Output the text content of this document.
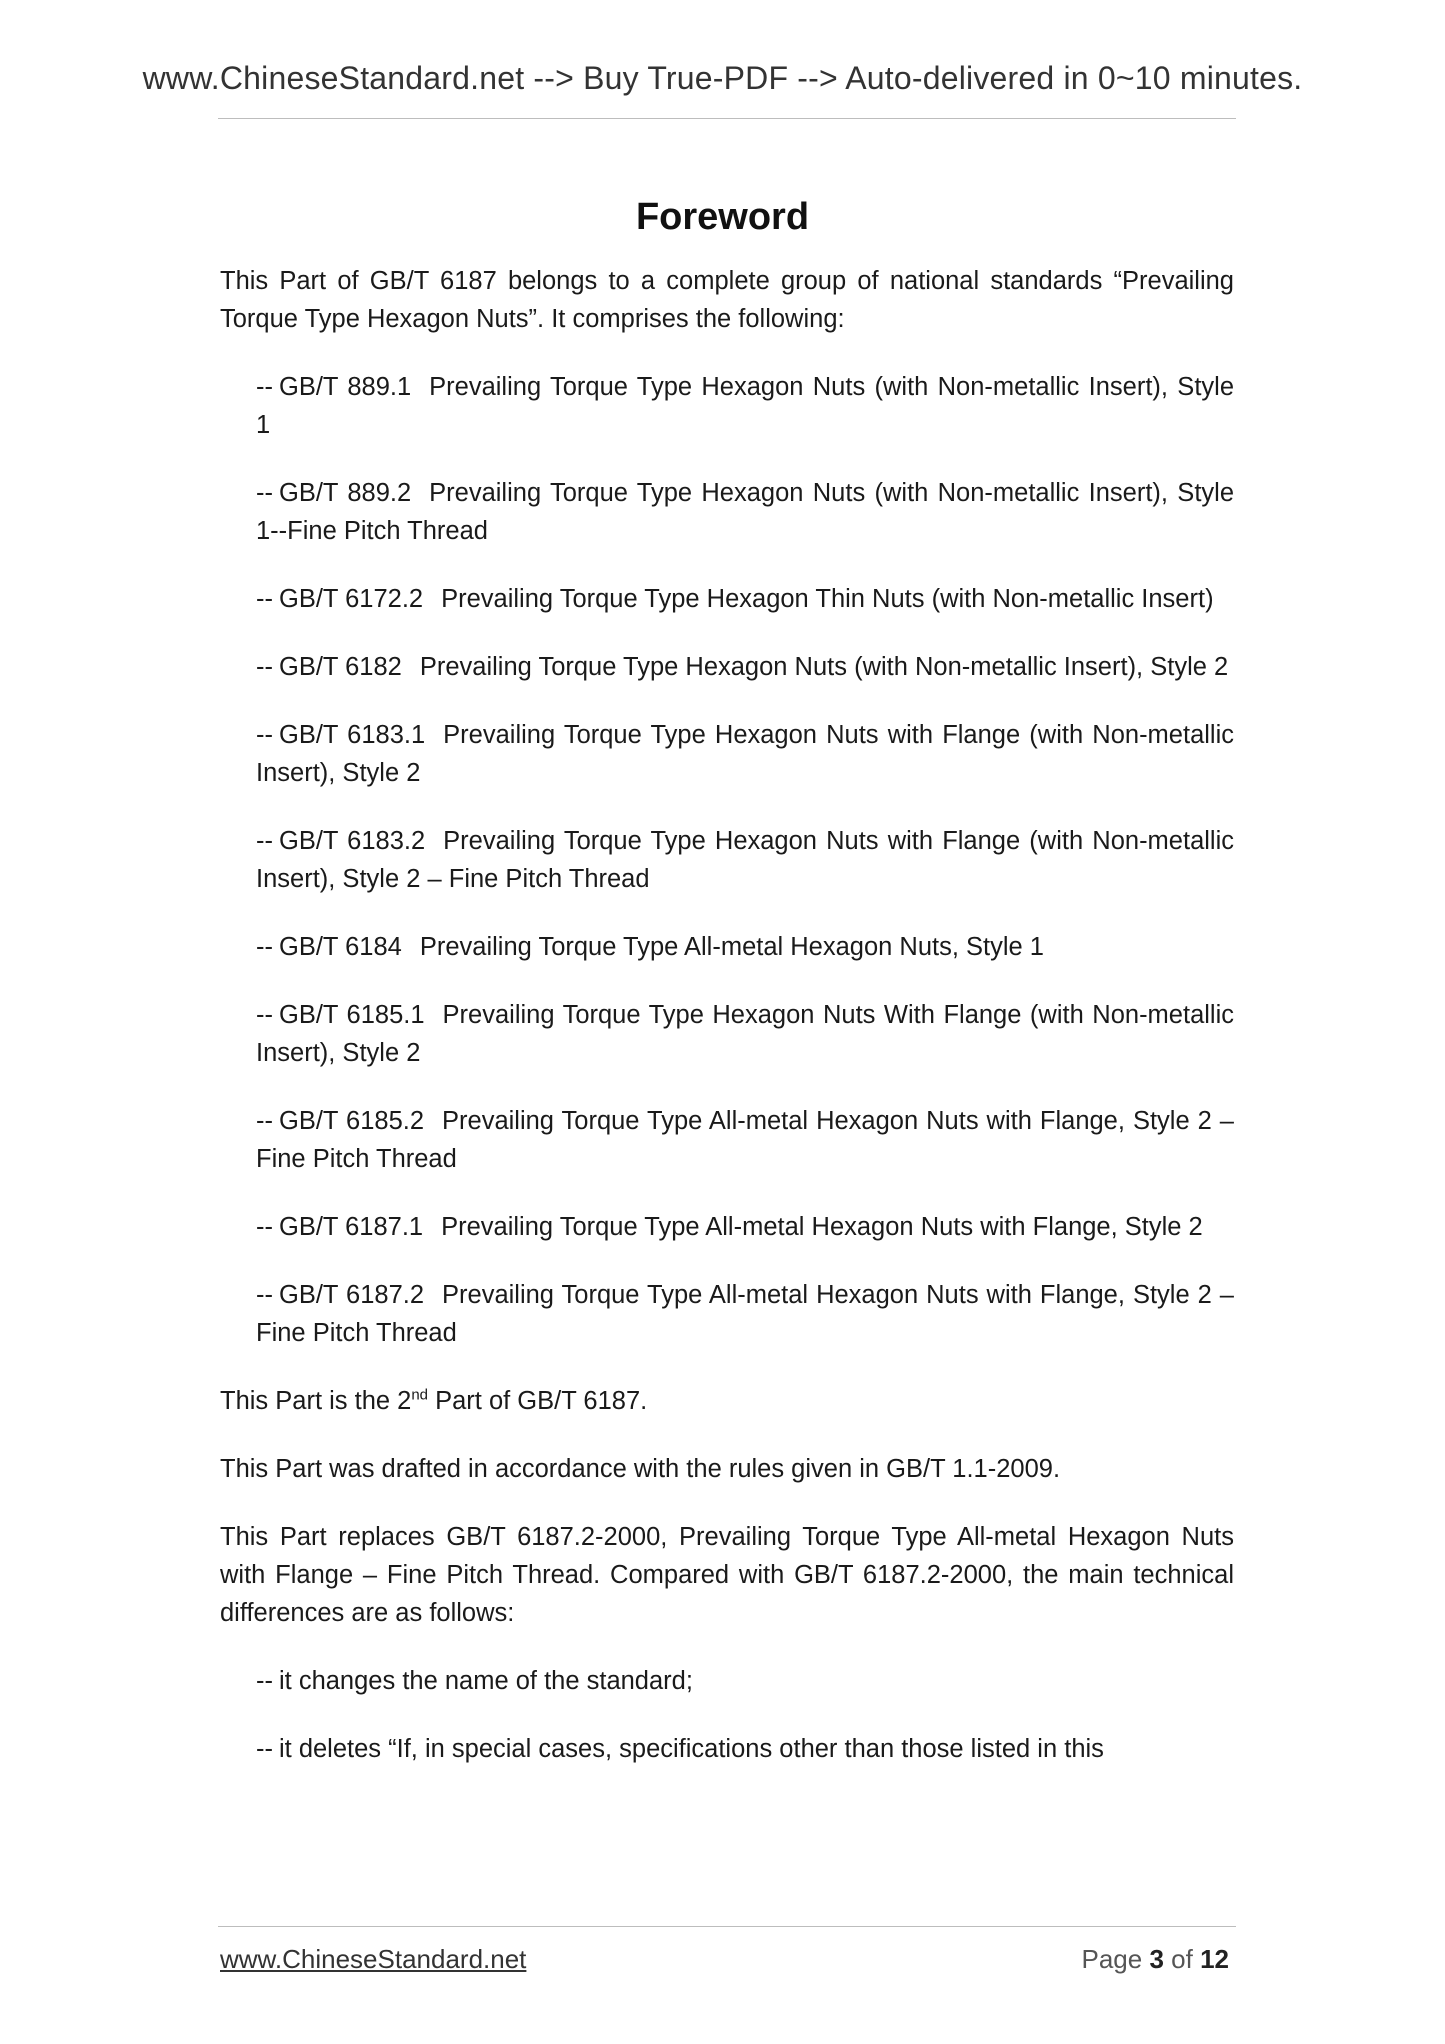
www.ChineseStandard.net --> Buy True-PDF --> Auto-delivered in 0~10 minutes.
Foreword

This Part of GB/T 6187 belongs to a complete group of national standards “Prevailing Torque Type Hexagon Nuts”. It comprises the following:

-- GB/T 889.1 Prevailing Torque Type Hexagon Nuts (with Non-metallic Insert), Style 1

-- GB/T 889.2 Prevailing Torque Type Hexagon Nuts (with Non-metallic Insert), Style 1--Fine Pitch Thread

-- GB/T 6172.2 Prevailing Torque Type Hexagon Thin Nuts (with Non-metallic Insert)

-- GB/T 6182 Prevailing Torque Type Hexagon Nuts (with Non-metallic Insert), Style 2

-- GB/T 6183.1 Prevailing Torque Type Hexagon Nuts with Flange (with Non-metallic Insert), Style 2

-- GB/T 6183.2 Prevailing Torque Type Hexagon Nuts with Flange (with Non-metallic Insert), Style 2 – Fine Pitch Thread

-- GB/T 6184 Prevailing Torque Type All-metal Hexagon Nuts, Style 1

-- GB/T 6185.1 Prevailing Torque Type Hexagon Nuts With Flange (with Non-metallic Insert), Style 2

-- GB/T 6185.2 Prevailing Torque Type All-metal Hexagon Nuts with Flange, Style 2 – Fine Pitch Thread

-- GB/T 6187.1 Prevailing Torque Type All-metal Hexagon Nuts with Flange, Style 2

-- GB/T 6187.2 Prevailing Torque Type All-metal Hexagon Nuts with Flange, Style 2 – Fine Pitch Thread

This Part is the 2nd Part of GB/T 6187.

This Part was drafted in accordance with the rules given in GB/T 1.1-2009.

This Part replaces GB/T 6187.2-2000, Prevailing Torque Type All-metal Hexagon Nuts with Flange – Fine Pitch Thread. Compared with GB/T 6187.2-2000, the main technical differences are as follows:

-- it changes the name of the standard;

-- it deletes “If, in special cases, specifications other than those listed in this

www.ChineseStandard.net	Page 3 of 12
